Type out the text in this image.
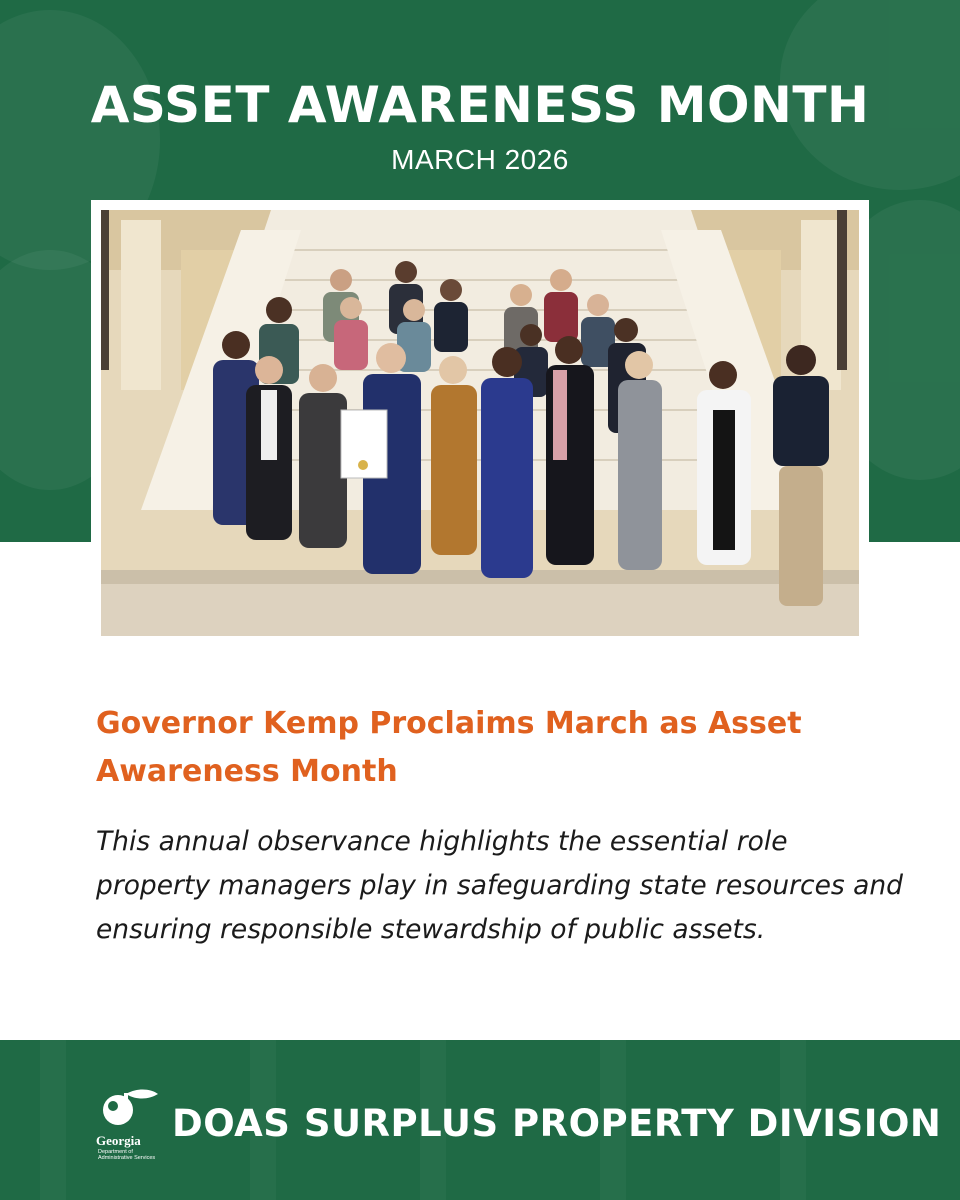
ASSET AWARENESS MONTH
MARCH 2026
Governor Kemp Proclaims March as Asset Awareness Month
This annual observance highlights the essential role property managers play in safeguarding state resources and ensuring responsible stewardship of public assets.
DOAS SURPLUS PROPERTY DIVISION
Georgia
Department of Administrative Services
